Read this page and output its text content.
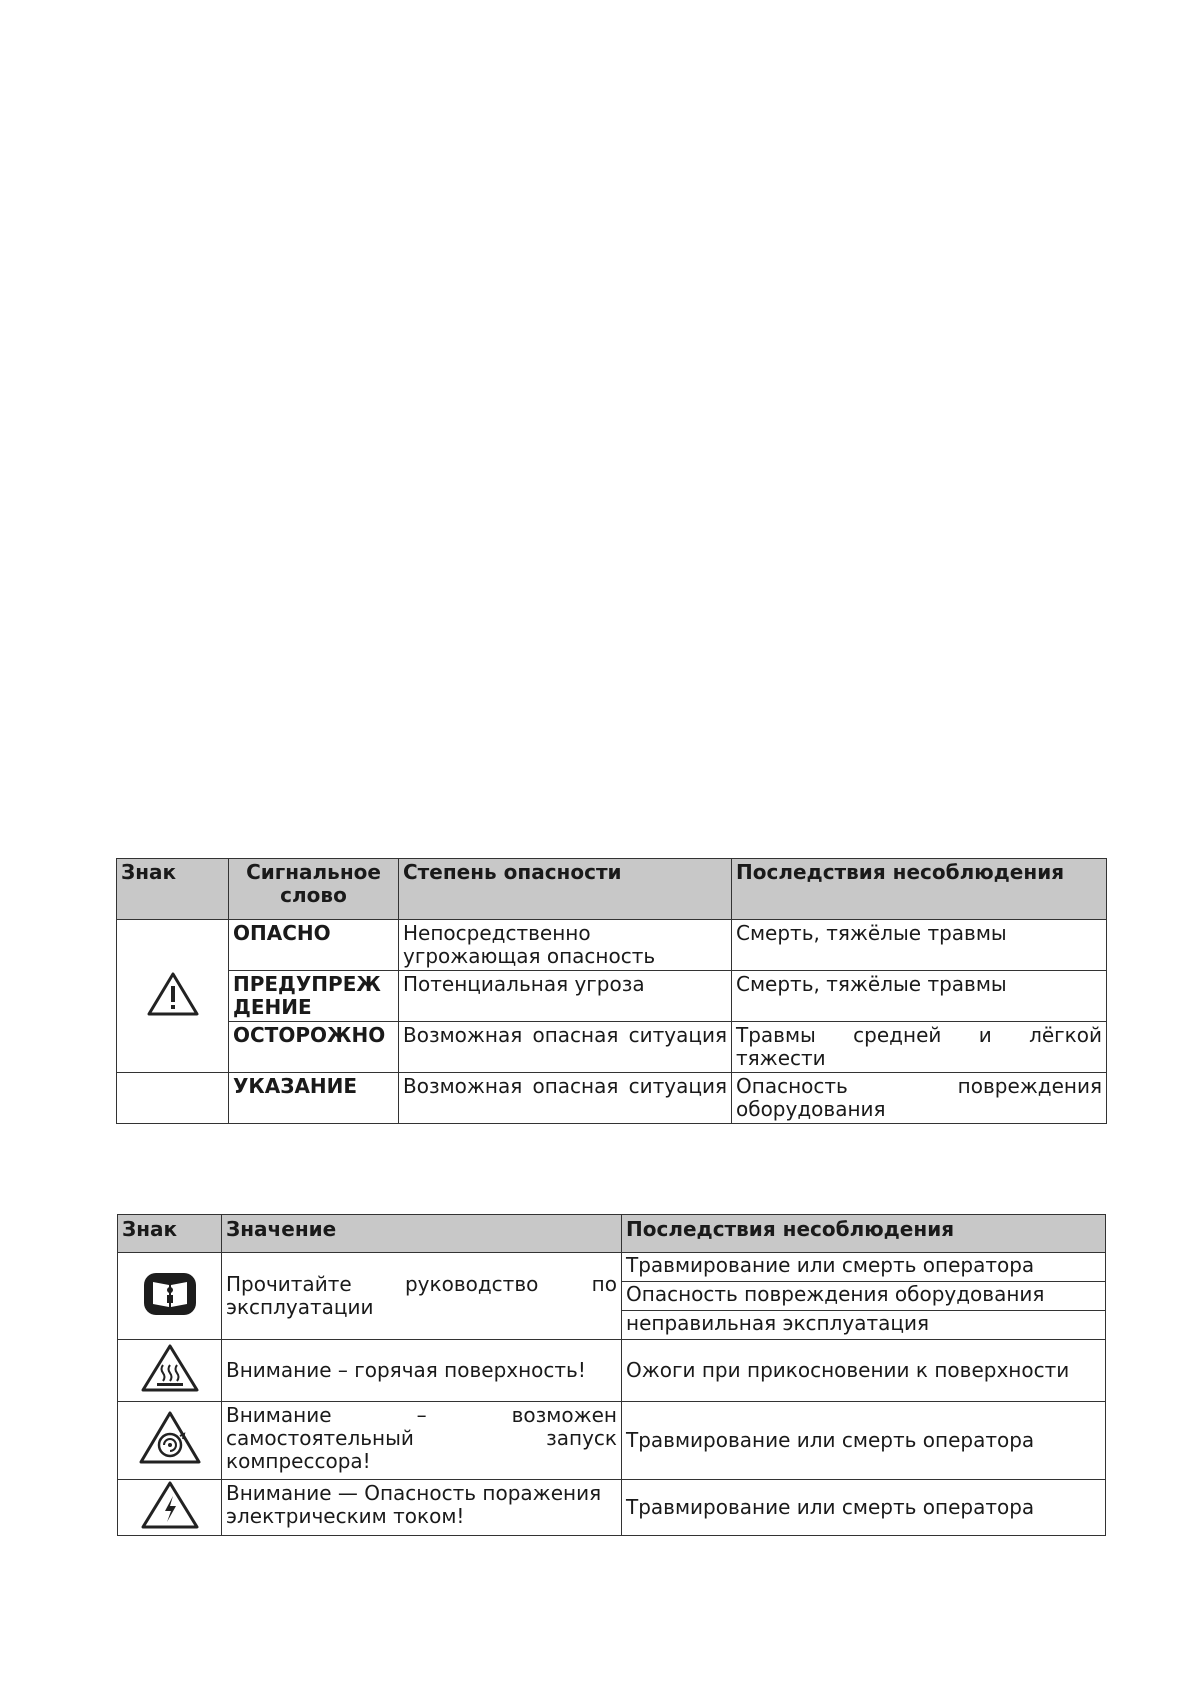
Знак	Сигнальное слово	Степень опасности	Последствия несоблюдения
	ОПАСНО	Непосредственно угрожающая опасность	Смерть, тяжёлые травмы
	ПРЕДУПРЕЖ ДЕНИЕ	Потенциальная угроза	Смерть, тяжёлые травмы
	ОСТОРОЖНО	Возможная опасная ситуация	Травмы средней и лёгкой тяжести
	УКАЗАНИЕ	Возможная опасная ситуация	Опасность повреждения оборудования
Знак	Значение	Последствия несоблюдения
	Прочитайте руководство по эксплуатации	Травмирование или смерть оператора
		Опасность повреждения оборудования
		неправильная эксплуатация
	Внимание – горячая поверхность!	Ожоги при прикосновении к поверхности
	Внимание – возможен самостоятельный запуск компрессора!	Травмирование или смерть оператора
	Внимание — Опасность поражения электрическим током!	Травмирование или смерть оператора
